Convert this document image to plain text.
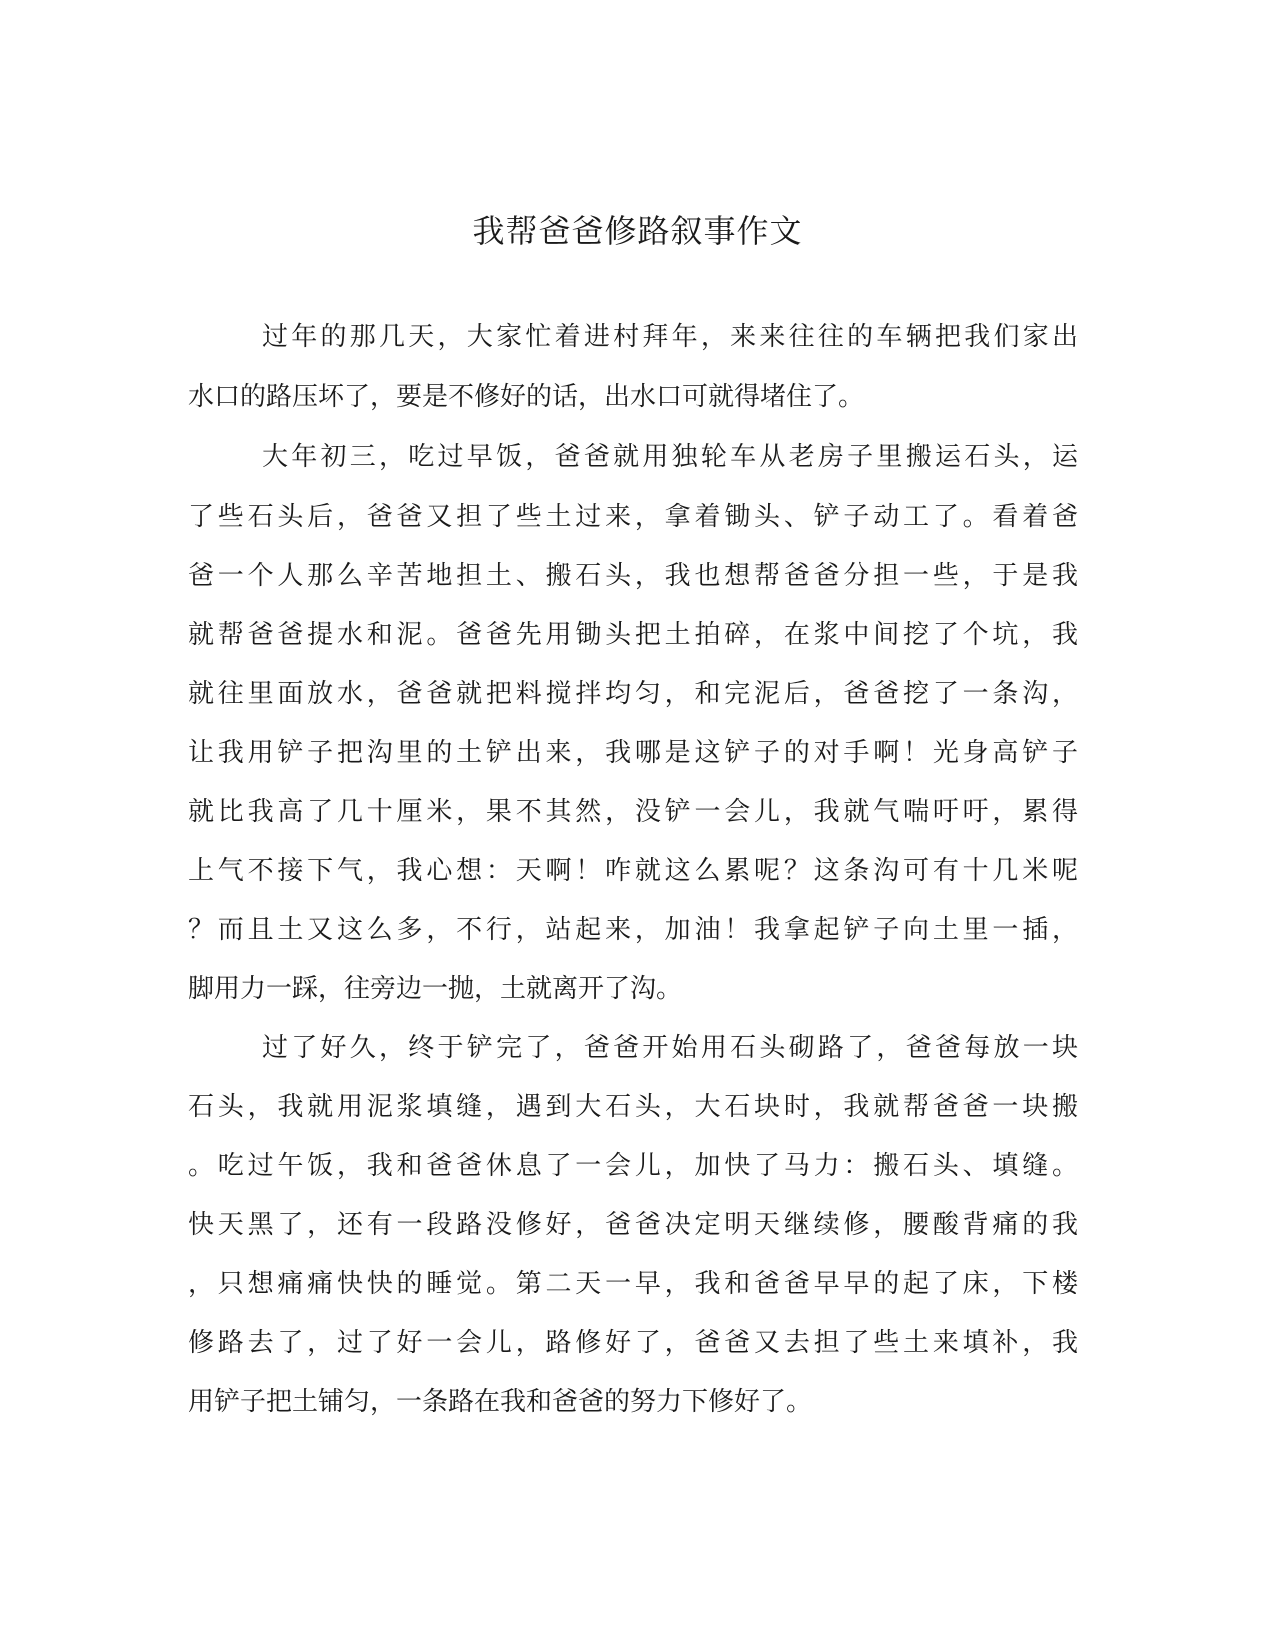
我帮爸爸修路叙事作文
过年的那几天，大家忙着进村拜年，来来往往的车辆把我们家出
水口的路压坏了，要是不修好的话，出水口可就得堵住了。
大年初三，吃过早饭，爸爸就用独轮车从老房子里搬运石头，运
了些石头后，爸爸又担了些土过来，拿着锄头、铲子动工了。看着爸
爸一个人那么辛苦地担土、搬石头，我也想帮爸爸分担一些，于是我
就帮爸爸提水和泥。爸爸先用锄头把土拍碎，在浆中间挖了个坑，我
就往里面放水，爸爸就把料搅拌均匀，和完泥后，爸爸挖了一条沟，
让我用铲子把沟里的土铲出来，我哪是这铲子的对手啊！光身高铲子
就比我高了几十厘米，果不其然，没铲一会儿，我就气喘吁吁，累得
上气不接下气，我心想：天啊！咋就这么累呢？这条沟可有十几米呢
？而且土又这么多，不行，站起来，加油！我拿起铲子向土里一插，
脚用力一踩，往旁边一抛，土就离开了沟。
过了好久，终于铲完了，爸爸开始用石头砌路了，爸爸每放一块
石头，我就用泥浆填缝，遇到大石头，大石块时，我就帮爸爸一块搬
。吃过午饭，我和爸爸休息了一会儿，加快了马力：搬石头、填缝。
快天黑了，还有一段路没修好，爸爸决定明天继续修，腰酸背痛的我
，只想痛痛快快的睡觉。第二天一早，我和爸爸早早的起了床，下楼
修路去了，过了好一会儿，路修好了，爸爸又去担了些土来填补，我
用铲子把土铺匀，一条路在我和爸爸的努力下修好了。
